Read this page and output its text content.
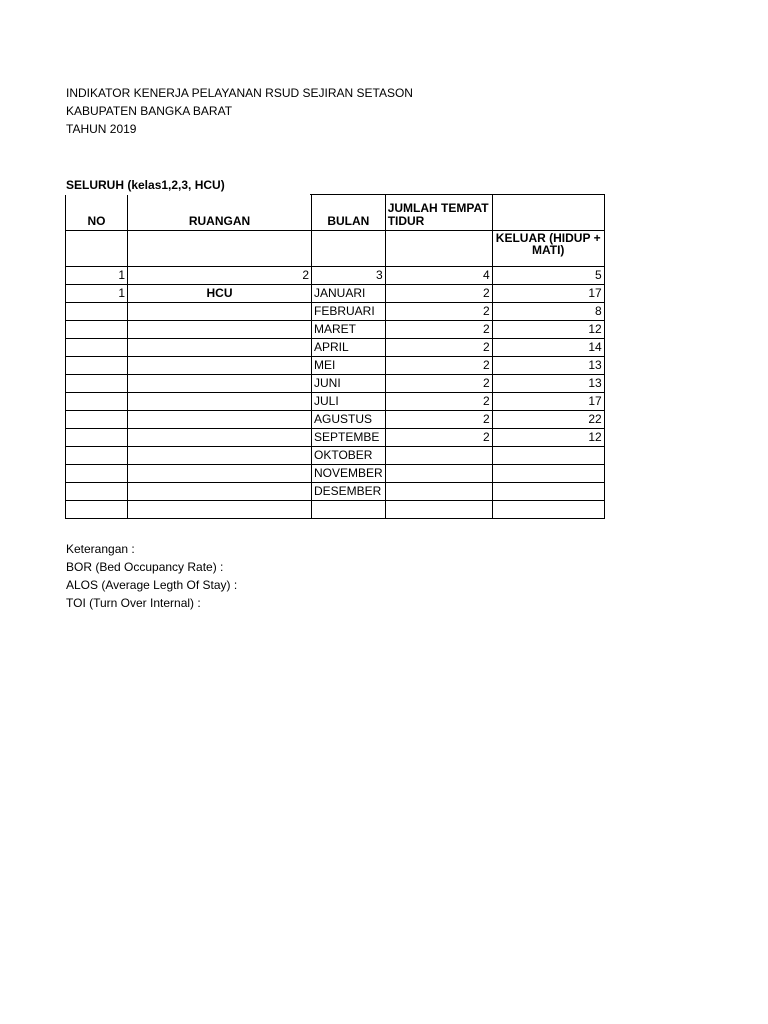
INDIKATOR KENERJA PELAYANAN RSUD SEJIRAN SETASON
KABUPATEN BANGKA BARAT
TAHUN 2019
SELURUH (kelas1,2,3, HCU)
NO	RUANGAN	BULAN	JUMLAH TEMPAT TIDUR	

				KELUAR (HIDUP + MATI)

1	2	3	4	5
1	HCU	JANUARI	2	17
		FEBRUARI	2	8
		MARET	2	12
		APRIL	2	14
		MEI	2	13
		JUNI	2	13
		JULI	2	17
		AGUSTUS	2	22
		SEPTEMBE	2	12
		OKTOBER		
		NOVEMBER		
		DESEMBER		

Keterangan :
BOR (Bed Occupancy Rate) :
ALOS (Average Legth Of Stay) :
TOI (Turn Over Internal) :
